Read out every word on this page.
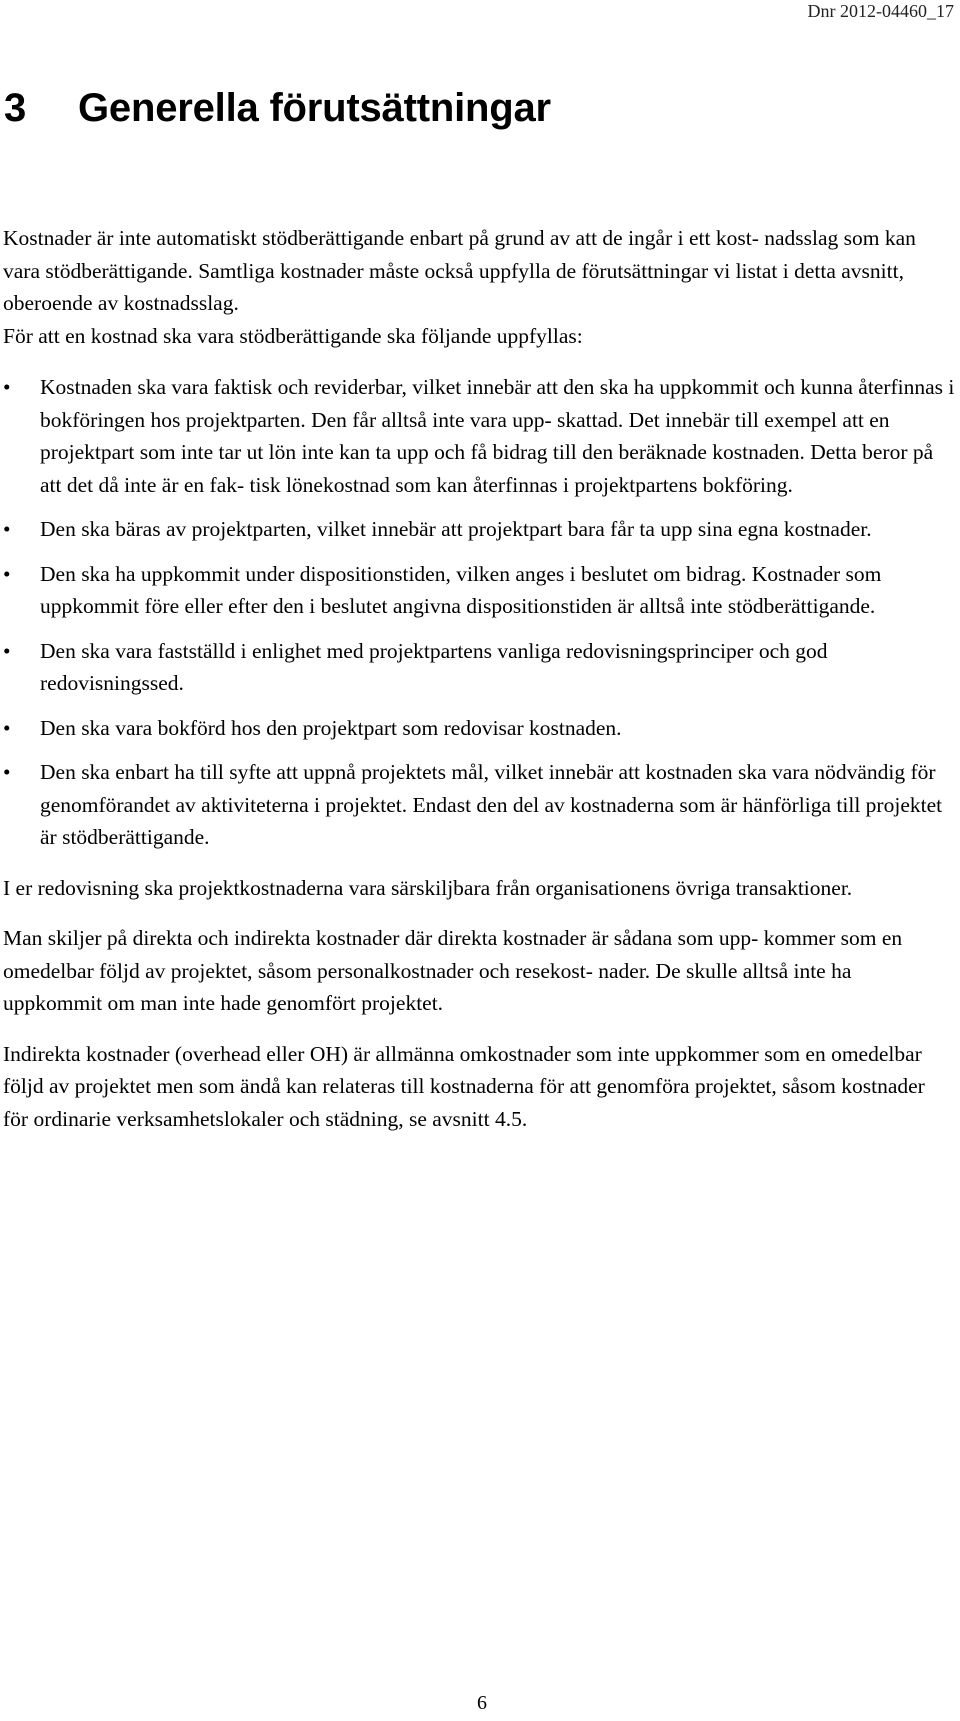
Dnr 2012-04460_17
3 Generella förutsättningar

Kostnader är inte automatiskt stödberättigande enbart på grund av att de ingår i ett kost- nadsslag som kan vara stödberättigande. Samtliga kostnader måste också uppfylla de förutsättningar vi listat i detta avsnitt, oberoende av kostnadsslag.

För att en kostnad ska vara stödberättigande ska följande uppfyllas:

•	Kostnaden ska vara faktisk och reviderbar, vilket innebär att den ska ha uppkommit och kunna återfinnas i bokföringen hos projektparten. Den får alltså inte vara upp- skattad. Det innebär till exempel att en projektpart som inte tar ut lön inte kan ta upp och få bidrag till den beräknade kostnaden. Detta beror på att det då inte är en fak- tisk lönekostnad som kan återfinnas i projektpartens bokföring.
•	Den ska bäras av projektparten, vilket innebär att projektpart bara får ta upp sina egna kostnader.
•	Den ska ha uppkommit under dispositionstiden, vilken anges i beslutet om bidrag. Kostnader som uppkommit före eller efter den i beslutet angivna dispositionstiden är alltså inte stödberättigande.
•	Den ska vara fastställd i enlighet med projektpartens vanliga redovisningsprinciper och god redovisningssed.
•	Den ska vara bokförd hos den projektpart som redovisar kostnaden.
•	Den ska enbart ha till syfte att uppnå projektets mål, vilket innebär att kostnaden ska vara nödvändig för genomförandet av aktiviteterna i projektet. Endast den del av kostnaderna som är hänförliga till projektet är stödberättigande.

I er redovisning ska projektkostnaderna vara särskiljbara från organisationens övriga transaktioner.

Man skiljer på direkta och indirekta kostnader där direkta kostnader är sådana som upp- kommer som en omedelbar följd av projektet, såsom personalkostnader och resekost- nader. De skulle alltså inte ha uppkommit om man inte hade genomfört projektet.

Indirekta kostnader (overhead eller OH) är allmänna omkostnader som inte uppkommer som en omedelbar följd av projektet men som ändå kan relateras till kostnaderna för att genomföra projektet, såsom kostnader för ordinarie verksamhetslokaler och städning, se avsnitt 4.5.

6
